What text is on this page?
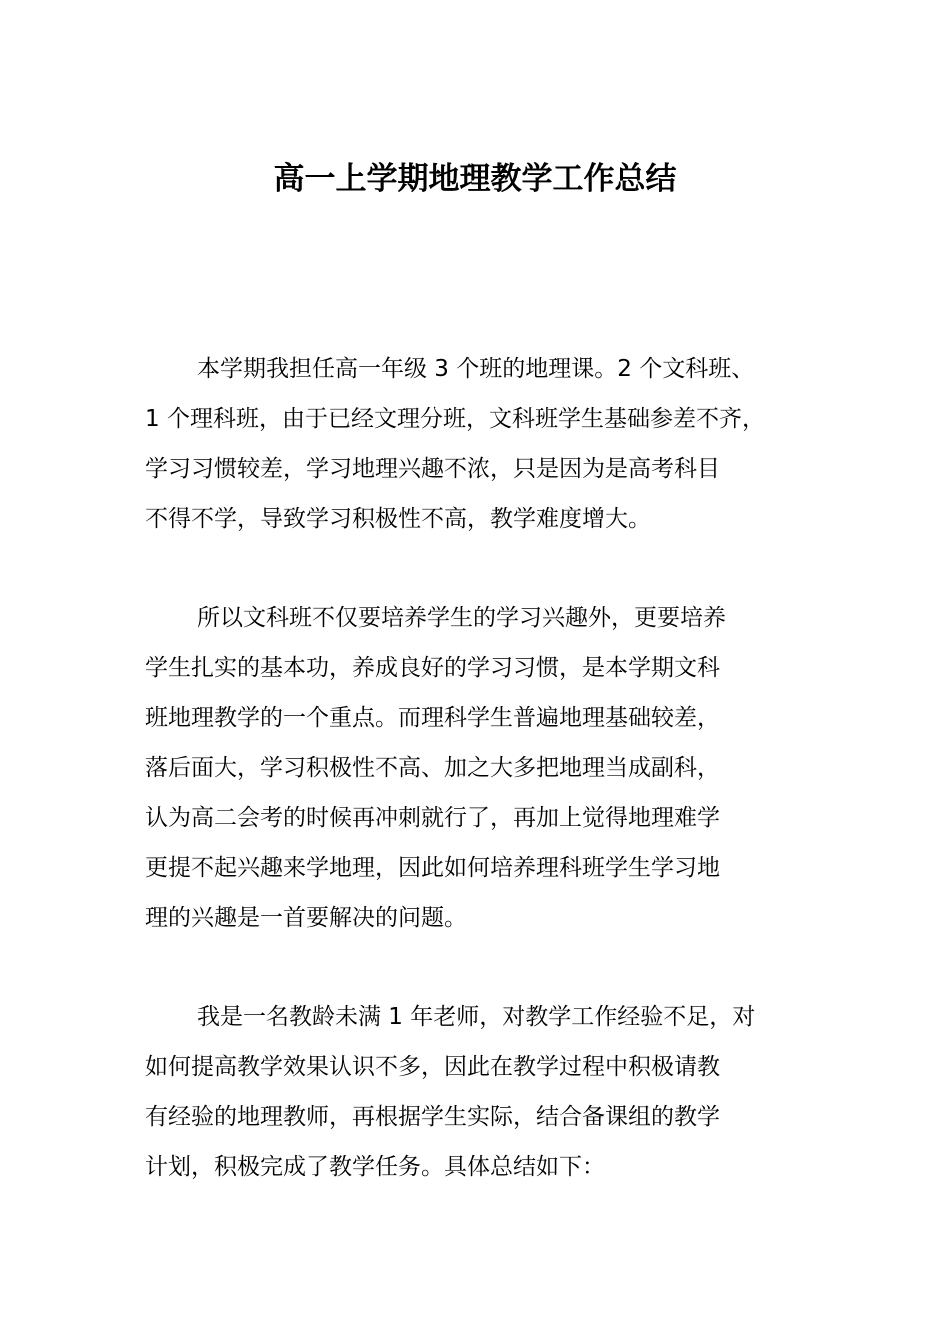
高一上学期地理教学工作总结
本学期我担任高一年级 3 个班的地理课。2 个文科班、
1 个理科班，由于已经文理分班，文科班学生基础参差不齐，
学习习惯较差，学习地理兴趣不浓，只是因为是高考科目
不得不学，导致学习积极性不高，教学难度增大。
所以文科班不仅要培养学生的学习兴趣外，更要培养
学生扎实的基本功，养成良好的学习习惯，是本学期文科
班地理教学的一个重点。而理科学生普遍地理基础较差，
落后面大，学习积极性不高、加之大多把地理当成副科，
认为高二会考的时候再冲刺就行了，再加上觉得地理难学
更提不起兴趣来学地理，因此如何培养理科班学生学习地
理的兴趣是一首要解决的问题。
我是一名教龄未满 1 年老师，对教学工作经验不足，对
如何提高教学效果认识不多，因此在教学过程中积极请教
有经验的地理教师，再根据学生实际，结合备课组的教学
计划，积极完成了教学任务。具体总结如下：
